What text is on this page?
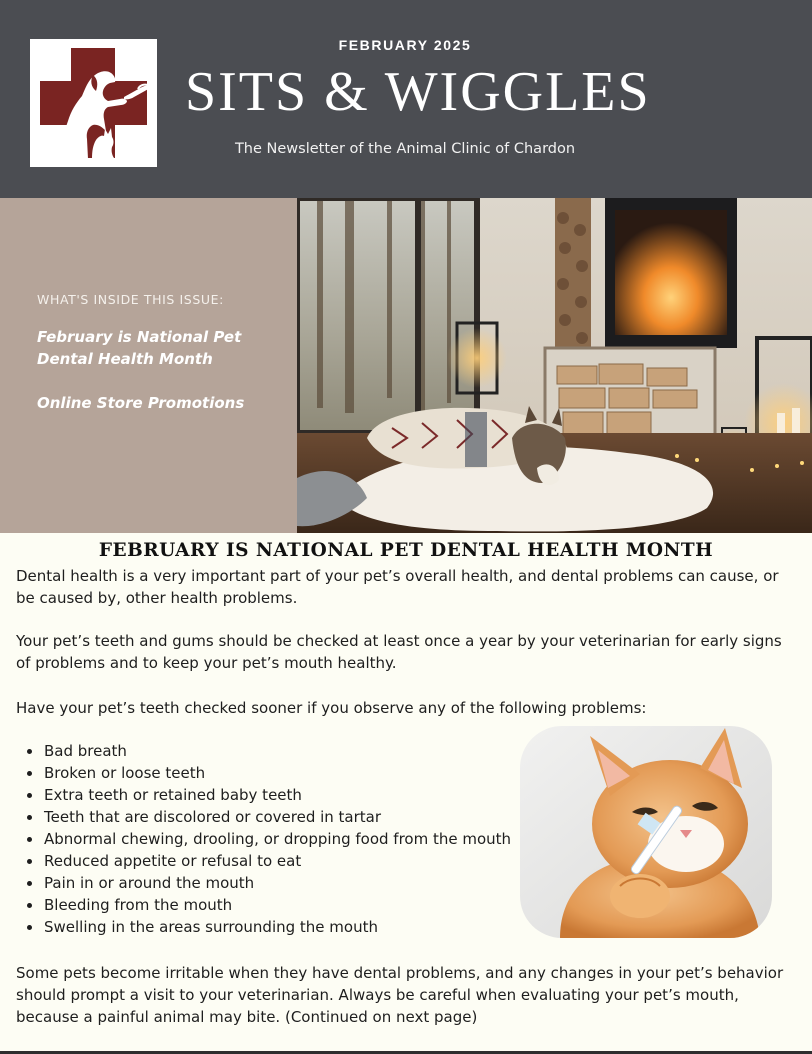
FEBRUARY 2025
SITS & WIGGLES
The Newsletter of the Animal Clinic of Chardon
WHAT'S INSIDE THIS ISSUE:
February is National Pet Dental Health Month
Online Store Promotions
FEBRUARY IS NATIONAL PET DENTAL HEALTH MONTH
Dental health is a very important part of your pet’s overall health, and dental problems can cause, or be caused by, other health problems.
Your pet’s teeth and gums should be checked at least once a year by your veterinarian for early signs of problems and to keep your pet’s mouth healthy.
Have your pet’s teeth checked sooner if you observe any of the following problems:
Bad breath
Broken or loose teeth
Extra teeth or retained baby teeth
Teeth that are discolored or covered in tartar
Abnormal chewing, drooling, or dropping food from the mouth
Reduced appetite or refusal to eat
Pain in or around the mouth
Bleeding from the mouth
Swelling in the areas surrounding the mouth
Some pets become irritable when they have dental problems, and any changes in your pet’s behavior should prompt a visit to your veterinarian. Always be careful when evaluating your pet’s mouth, because a painful animal may bite. (Continued on next page)
